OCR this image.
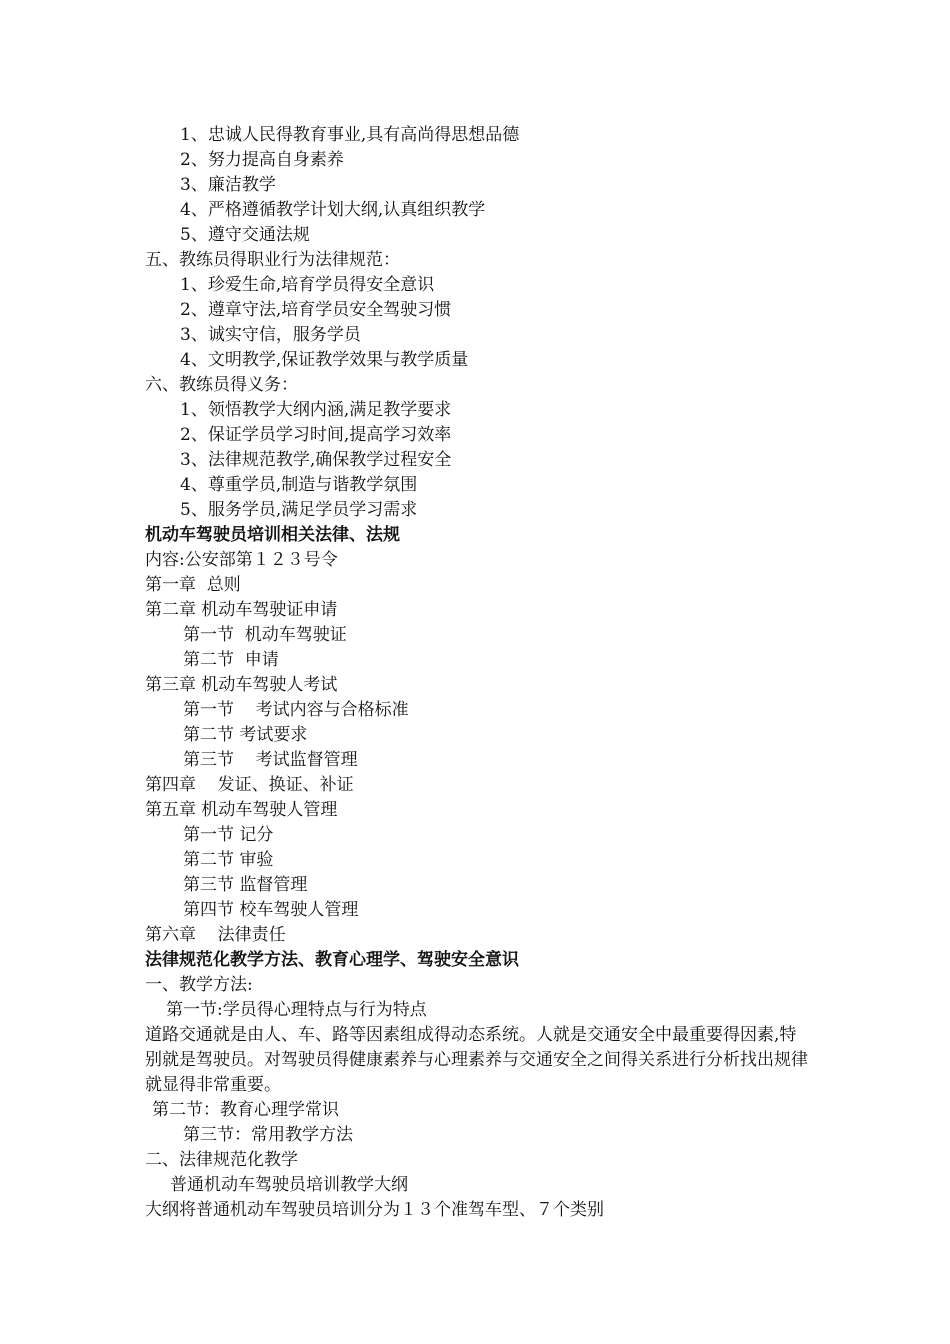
1、忠诚人民得教育事业,具有高尚得思想品德
2、努力提高自身素养
3、廉洁教学
4、严格遵循教学计划大纲,认真组织教学
5、遵守交通法规
五、教练员得职业行为法律规范：
1、珍爱生命,培育学员得安全意识
2、遵章守法,培育学员安全驾驶习惯
3、诚实守信，服务学员
4、文明教学,保证教学效果与教学质量
六、教练员得义务：
1、领悟教学大纲内涵,满足教学要求
2、保证学员学习时间,提高学习效率
3、法律规范教学,确保教学过程安全
4、尊重学员,制造与谐教学氛围
5、服务学员,满足学员学习需求
机动车驾驶员培训相关法律、法规
内容:公安部第１２３号令
第一章  总则
第二章 机动车驾驶证申请
第一节  机动车驾驶证
第二节  申请
第三章 机动车驾驶人考试
第一节    考试内容与合格标准
第二节 考试要求
第三节    考试监督管理
第四章    发证、换证、补证
第五章 机动车驾驶人管理
第一节 记分
第二节 审验
第三节 监督管理
第四节 校车驾驶人管理
第六章    法律责任
法律规范化教学方法、教育心理学、驾驶安全意识
一、教学方法:
第一节:学员得心理特点与行为特点
道路交通就是由人、车、路等因素组成得动态系统。人就是交通安全中最重要得因素,特别就是驾驶员。对驾驶员得健康素养与心理素养与交通安全之间得关系进行分析找出规律就显得非常重要。
第二节：教育心理学常识
第三节：常用教学方法
二、法律规范化教学
普通机动车驾驶员培训教学大纲
大纲将普通机动车驾驶员培训分为１３个准驾车型、７个类别
